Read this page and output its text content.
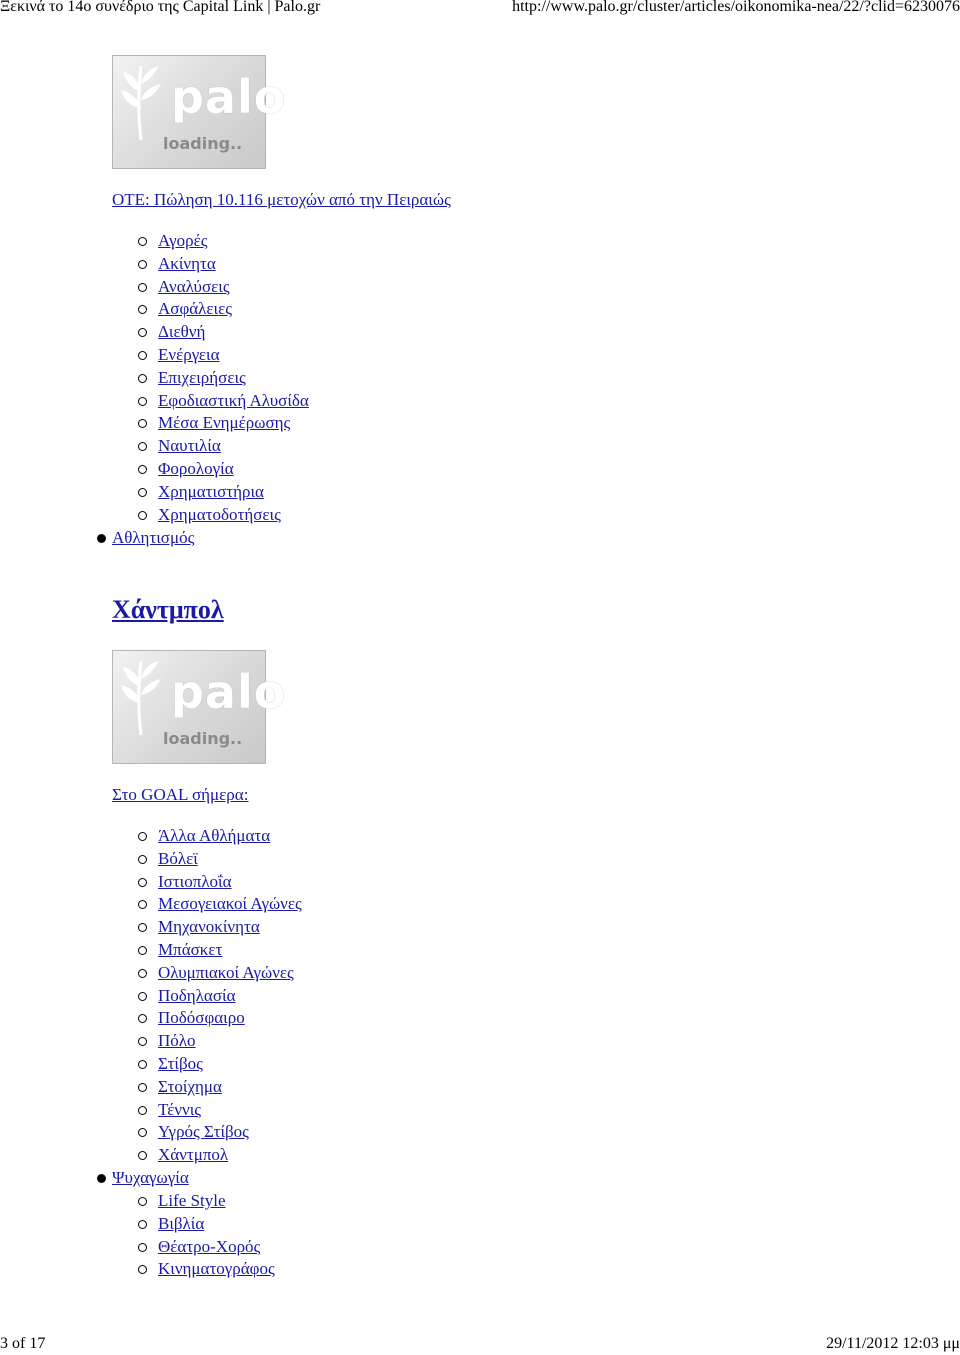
Ξεκινά το 14ο συνέδριο της Capital Link | Palo.gr	http://www.palo.gr/cluster/articles/oikonomika-nea/22/?clid=6230076
palo
loading..
ΟΤΕ: Πώληση 10.116 μετοχών από την Πειραιώς
Αγορές
Ακίνητα
Αναλύσεις
Ασφάλειες
Διεθνή
Ενέργεια
Επιχειρήσεις
Εφοδιαστική Αλυσίδα
Μέσα Ενημέρωσης
Ναυτιλία
Φορολογία
Χρηματιστήρια
Χρηματοδοτήσεις
Αθλητισμός
Χάντμπολ
palo
loading..
Στο GOAL σήμερα:
Άλλα Αθλήματα
Βόλεϊ
Ιστιοπλοΐα
Μεσογειακοί Αγώνες
Μηχανοκίνητα
Μπάσκετ
Ολυμπιακοί Αγώνες
Ποδηλασία
Ποδόσφαιρο
Πόλο
Στίβος
Στοίχημα
Τέννις
Υγρός Στίβος
Χάντμπολ
Ψυχαγωγία
Life Style
Βιβλία
Θέατρο-Χορός
Κινηματογράφος
3 of 17	29/11/2012 12:03 μμ
